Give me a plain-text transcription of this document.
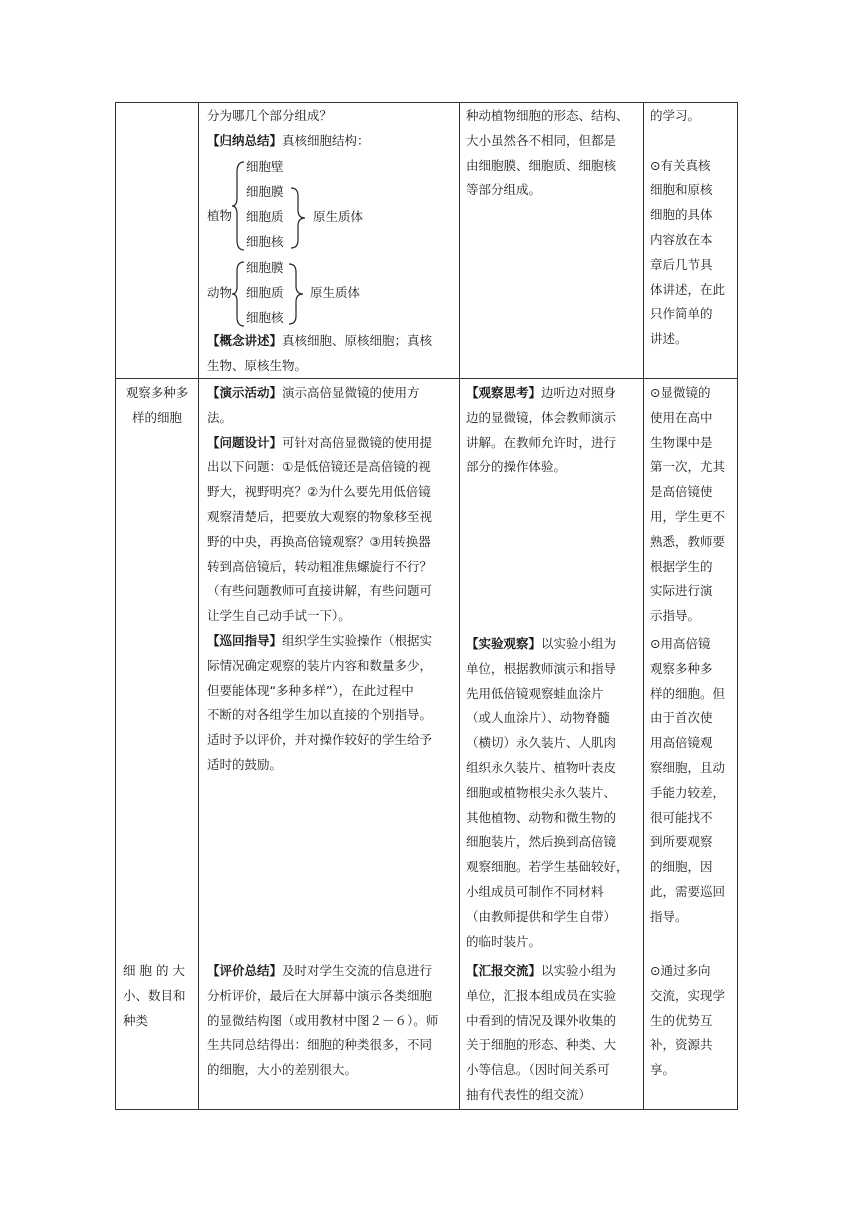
分为哪几个部分组成？

【归纳总结】真核细胞结构：

植物
细胞壁
细胞膜
细胞质
细胞核
原生质体
动物
细胞膜
细胞质
细胞核
原生质体

【概念讲述】真核细胞、原核细胞；真核

生物、原核生物。

种动植物细胞的形态、结构、

大小虽然各不相同，但都是

由细胞膜、细胞质、细胞核

等部分组成。

的学习。

⊙有关真核

细胞和原核

细胞的具体

内容放在本

章后几节具

体讲述，在此

只作简单的

讲述。

观察多种多

样的细胞

细 胞 的 大

小、数目和

种类

【演示活动】演示高倍显微镜的使用方

法。

【问题设计】可针对高倍显微镜的使用提

出以下问题：①是低倍镜还是高倍镜的视

野大，视野明亮？②为什么要先用低倍镜

观察清楚后，把要放大观察的物象移至视

野的中央，再换高倍镜观察？③用转换器

转到高倍镜后，转动粗准焦螺旋行不行？

（有些问题教师可直接讲解，有些问题可

让学生自己动手试一下）。

【巡回指导】组织学生实验操作（根据实

际情况确定观察的装片内容和数量多少，

但要能体现“多种多样”），在此过程中

不断的对各组学生加以直接的个别指导。

适时予以评价，并对操作较好的学生给予

适时的鼓励。

【评价总结】及时对学生交流的信息进行

分析评价，最后在大屏幕中演示各类细胞

的显微结构图（或用教材中图２－６）。师

生共同总结得出：细胞的种类很多，不同

的细胞，大小的差别很大。

【观察思考】边听边对照身

边的显微镜，体会教师演示

讲解。在教师允许时，进行

部分的操作体验。

【实验观察】以实验小组为

单位，根据教师演示和指导

先用低倍镜观察蛙血涂片

（或人血涂片）、动物脊髓

（横切）永久装片、人肌肉

组织永久装片、植物叶表皮

细胞或植物根尖永久装片、

其他植物、动物和微生物的

细胞装片，然后换到高倍镜

观察细胞。若学生基础较好，

小组成员可制作不同材料

（由教师提供和学生自带）

的临时装片。

【汇报交流】以实验小组为

单位，汇报本组成员在实验

中看到的情况及课外收集的

关于细胞的形态、种类、大

小等信息。（因时间关系可

抽有代表性的组交流）

⊙显微镜的

使用在高中

生物课中是

第一次，尤其

是高倍镜使

用，学生更不

熟悉，教师要

根据学生的

实际进行演

示指导。

⊙用高倍镜

观察多种多

样的细胞。但

由于首次使

用高倍镜观

察细胞，且动

手能力较差，

很可能找不

到所要观察

的细胞，因

此，需要巡回

指导。

⊙通过多向

交流，实现学

生的优势互

补，资源共

享。
